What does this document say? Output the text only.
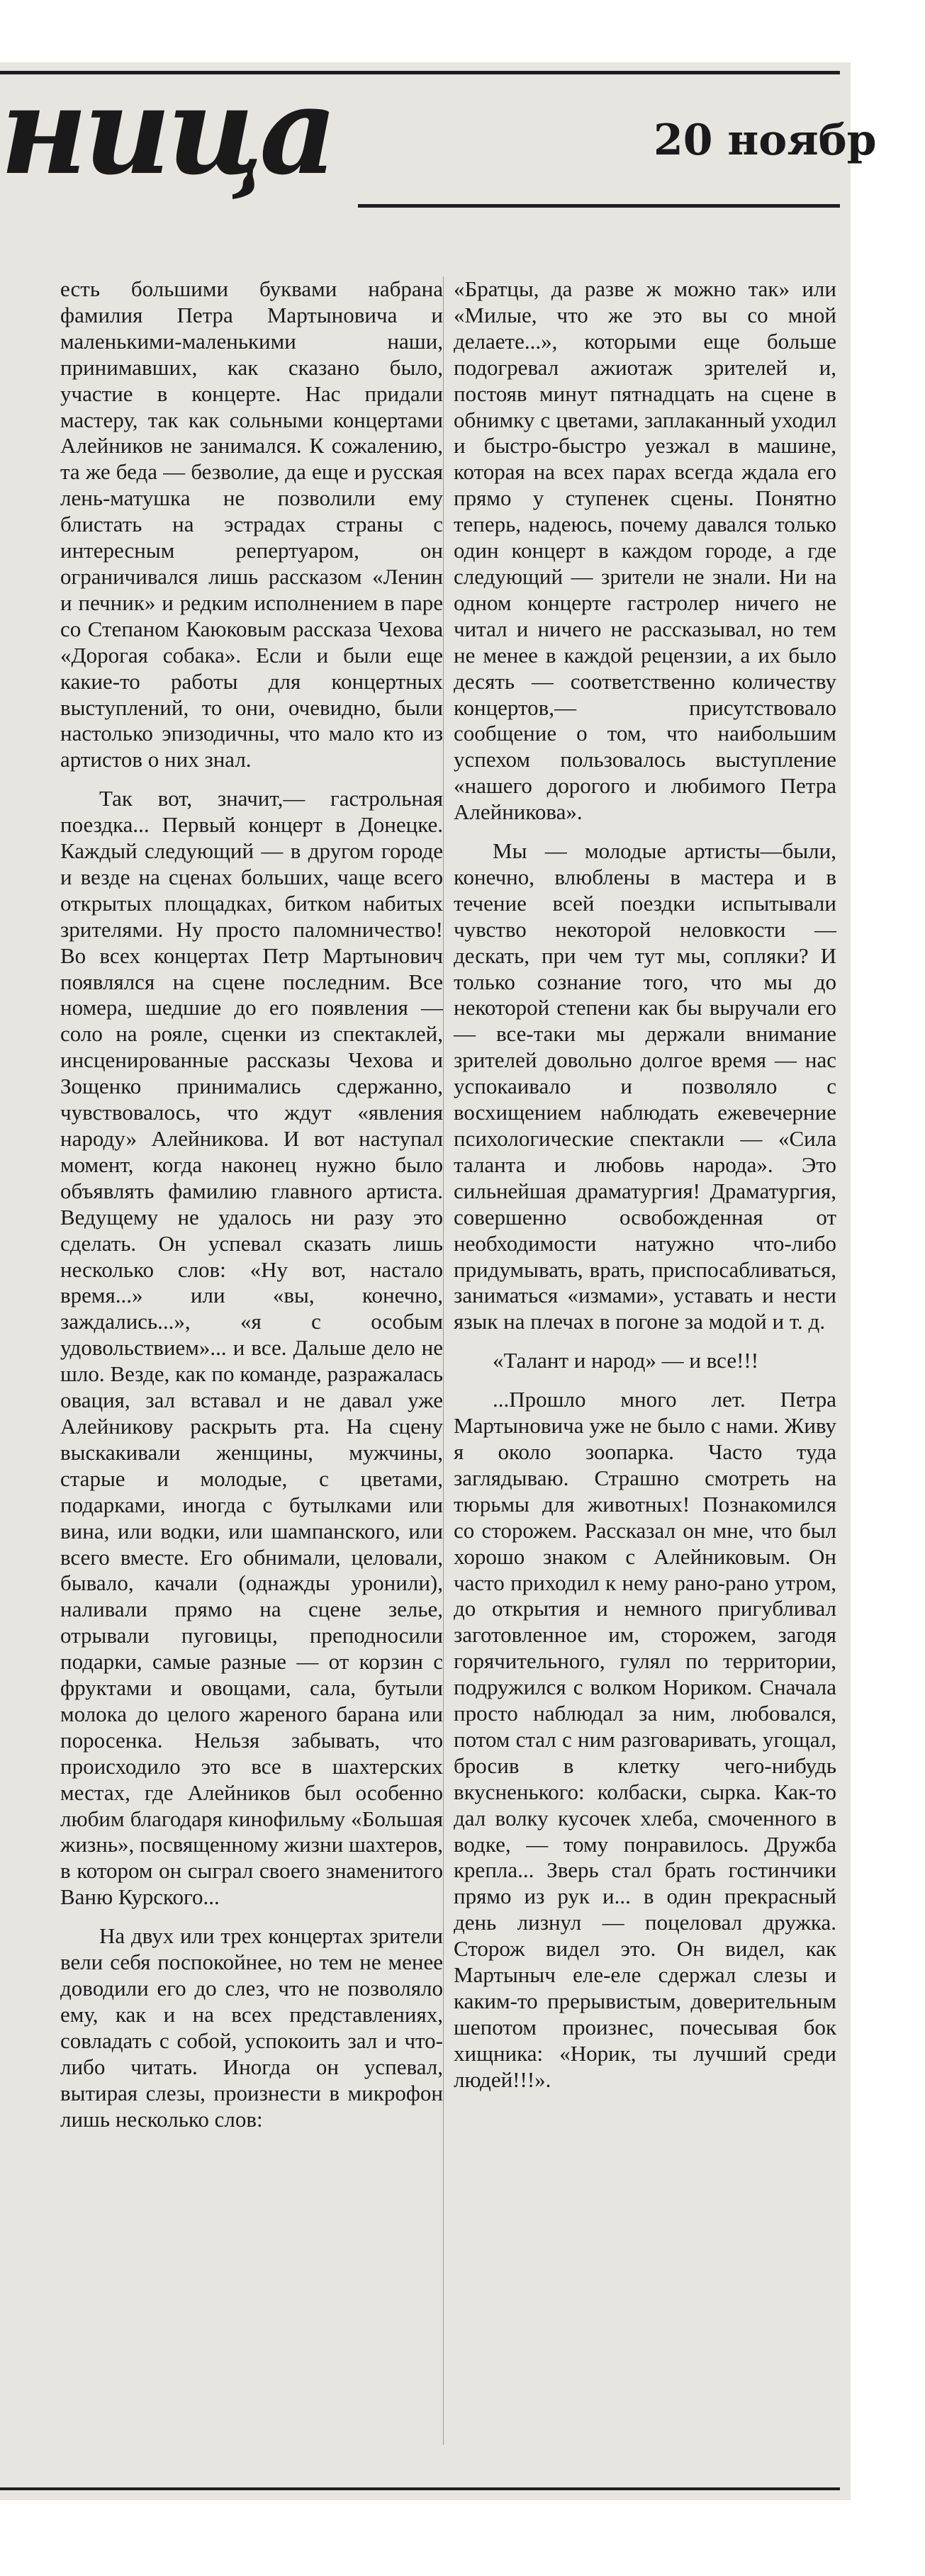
ница	20 ноябр

есть большими буквами набрана фамилия Петра Мартыновича и маленькими-маленькими наши, принимавших, как сказано было, участие в концерте. Нас придали мастеру, так как сольными концертами Алейников не занимался. К сожалению, та же беда — безволие, да еще и русская лень-матушка не позволили ему блистать на эстрадах страны с интересным репертуаром, он ограничивался лишь рассказом «Ленин и печник» и редким исполнением в паре со Степаном Каюковым рассказа Чехова «Дорогая собака». Если и были еще какие-то работы для концертных выступлений, то они, очевидно, были настолько эпизодичны, что мало кто из артистов о них знал.

Так вот, значит,— гастрольная поездка... Первый концерт в Донецке. Каждый следующий — в другом городе и везде на сценах больших, чаще всего открытых площадках, битком набитых зрителями. Ну просто паломничество! Во всех концертах Петр Мартынович появлялся на сцене последним. Все номера, шедшие до его появления —соло на рояле, сценки из спектаклей, инсценированные рассказы Чехова и Зощенко принимались сдержанно, чувствовалось, что ждут «явления народу» Алейникова. И вот наступал момент, когда наконец нужно было объявлять фамилию главного артиста. Ведущему не удалось ни разу это сделать. Он успевал сказать лишь несколько слов: «Ну вот, настало время...» или «вы, конечно, заждались...», «я с особым удовольствием»... и все. Дальше дело не шло. Везде, как по команде, разражалась овация, зал вставал и не давал уже Алейникову раскрыть рта. На сцену выскакивали женщины, мужчины, старые и молодые, с цветами, подарками, иногда с бутылками или вина, или водки, или шампанского, или всего вместе. Его обнимали, целовали, бывало, качали (однажды уронили), наливали прямо на сцене зелье, отрывали пуговицы, преподносили подарки, самые разные — от корзин с фруктами и овощами, сала, бутыли молока до целого жареного барана или поросенка. Нельзя забывать, что происходило это все в шахтерских местах, где Алейников был особенно любим благодаря кинофильму «Большая жизнь», посвященному жизни шахтеров, в котором он сыграл своего знаменитого Ваню Курского...

На двух или трех концертах зрители вели себя поспокойнее, но тем не менее доводили его до слез, что не позволяло ему, как и на всех представлениях, совладать с собой, успокоить зал и что-либо читать. Иногда он успевал, вытирая слезы, произнести в микрофон лишь несколько слов:

«Братцы, да разве ж можно так» или «Милые, что же это вы со мной делаете...», которыми еще больше подогревал ажиотаж зрителей и, постояв минут пятнадцать на сцене в обнимку с цветами, заплаканный уходил и быстро-быстро уезжал в машине, которая на всех парах всегда ждала его прямо у ступенек сцены. Понятно теперь, надеюсь, почему давался только один концерт в каждом городе, а где следующий — зрители не знали. Ни на одном концерте гастролер ничего не читал и ничего не рассказывал, но тем не менее в каждой рецензии, а их было десять — соответственно количеству концертов,— присутствовало сообщение о том, что наибольшим успехом пользовалось выступление «нашего дорогого и любимого Петра Алейникова».

Мы — молодые артисты—были, конечно, влюблены в мастера и в течение всей поездки испытывали чувство некоторой неловкости — дескать, при чем тут мы, сопляки? И только сознание того, что мы до некоторой степени как бы выручали его — все-таки мы держали внимание зрителей довольно долгое время — нас успокаивало и позволяло с восхищением наблюдать ежевечерние психологические спектакли — «Сила таланта и любовь народа». Это сильнейшая драматургия! Драматургия, совершенно освобожденная от необходимости натужно что-либо придумывать, врать, приспосабливаться, заниматься «измами», уставать и нести язык на плечах в погоне за модой и т. д.

«Талант и народ» — и все!!!

...Прошло много лет. Петра Мартыновича уже не было с нами. Живу я около зоопарка. Часто туда заглядываю. Страшно смотреть на тюрьмы для животных! Познакомился со сторожем. Рассказал он мне, что был хорошо знаком с Алейниковым. Он часто приходил к нему рано-рано утром, до открытия и немного пригубливал заготовленное им, сторожем, загодя горячительного, гулял по территории, подружился с волком Нориком. Сначала просто наблюдал за ним, любовался, потом стал с ним разговаривать, угощал, бросив в клетку чего-нибудь вкусненького: колбаски, сырка. Как-то дал волку кусочек хлеба, смоченного в водке, — тому понравилось. Дружба крепла... Зверь стал брать гостинчики прямо из рук и... в один прекрасный день лизнул — поцеловал дружка. Сторож видел это. Он видел, как Мартыныч еле-еле сдержал слезы и каким-то прерывистым, доверительным шепотом произнес, почесывая бок хищника: «Норик, ты лучший среди людей!!!».
